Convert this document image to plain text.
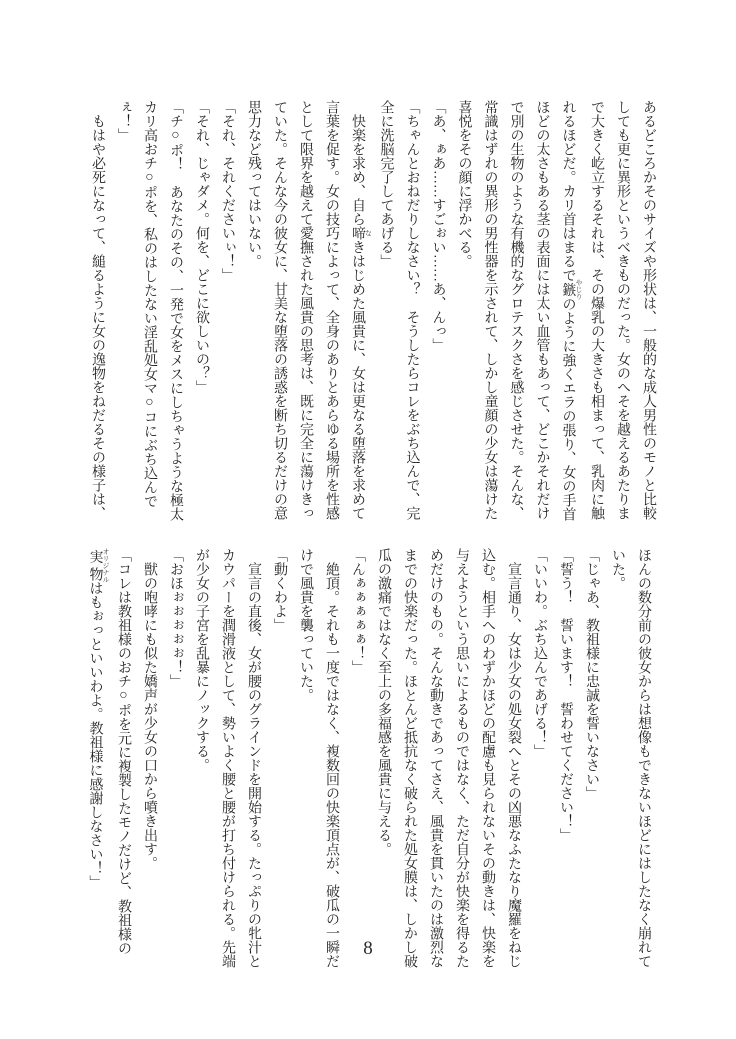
あるどころかそのサイズや形状は、一般的な成人男性のモノと比較
しても更に異形というべきものだった。女のへそを越えるあたりま
で大きく屹立するそれは、その爆乳の大きさも相まって、乳肉に触
れるほどだ。カリ首はまるで鏃 やじりのように強くエラの張り、女の手首
ほどの太さもある茎の表面には太い血管もあって、どこかそれだけ
で別の生物のような有機的なグロテスクさを感じさせた。そんな、
常識はずれの異形の男性器を示されて、しかし童顔の少女は蕩けた
喜悦をその顔に浮かべる。
「あ、ぁあ……すごぉい……あ、んっ」
「ちゃんとおねだりしなさい？　そうしたらコレをぶち込んで、完
全に洗脳完了してあげる」
　快楽を求め、自ら啼 なきはじめた風貴に、女は更なる堕落を求めて
言葉を促す。女の技巧によって、全身のありとあらゆる場所を性感
として限界を越えて愛撫された風貴の思考は、既に完全に蕩けきっ
ていた。そんな今の彼女に、甘美な堕落の誘惑を断ち切るだけの意
思力など残ってはいない。
「それ、それくださいぃ！」
「それ、じゃダメ。何を、どこに欲しいの？」
「チ○ポ！　あなたのその、一発で女をメスにしちゃうような極太
カリ高おチ○ポを、私のはしたない淫乱処女マ○コにぶち込んで
ぇ！」
　もはや必死になって、縋るように女の逸物をねだるその様子は、
ほんの数分前の彼女からは想像もできないほどにはしたなく崩れて
いた。
「じゃあ、教祖様に忠誠を誓いなさい」
「誓う！　誓います！　誓わせてください！」
「いいわ。ぶち込んであげる！」
　宣言通り、女は少女の処女裂へとその凶悪なふたなり魔羅をねじ
込む。相手へのわずかほどの配慮も見られないその動きは、快楽を
与えようという思いによるものではなく、ただ自分が快楽を得るた
めだけのもの。そんな動きであってさえ、風貴を貫いたのは激烈な
までの快楽だった。ほとんど抵抗なく破られた処女膜は、しかし破
瓜の激痛ではなく至上の多福感を風貴に与える。
「んぁぁぁぁぁ！」
　絶頂。それも一度ではなく、複数回の快楽頂点が、破瓜の一瞬だ
けで風貴を襲っていた。
「動くわよ」
　宣言の直後、女が腰のグラインドを開始する。たっぷりの牝汁と
カウパーを潤滑液として、勢いよく腰と腰が打ち付けられる。先端
が少女の子宮を乱暴にノックする。
「おほぉぉぉぉぉ！」
　獣の咆哮にも似た嬌声が少女の口から噴き出す。
「コレは教祖様のおチ○ポを元に複製したモノだけど、教祖様の
実物 オリジナルはもぉっといいわよ。教祖様に感謝しなさい！」
8
